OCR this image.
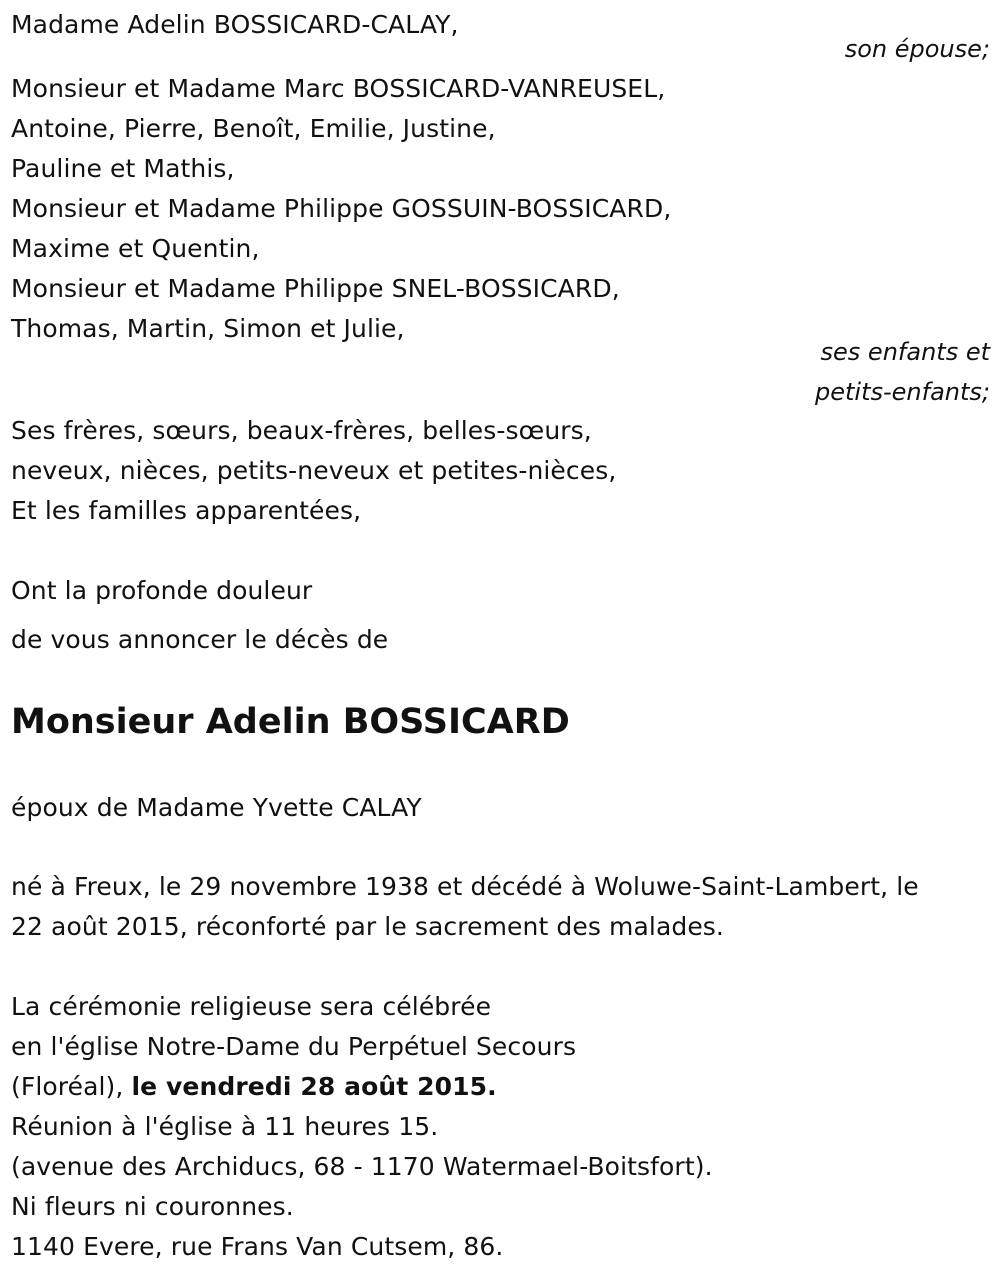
Madame Adelin BOSSICARD-CALAY,
son épouse;
Monsieur et Madame Marc BOSSICARD-VANREUSEL,
Antoine, Pierre, Benoît, Emilie, Justine,
Pauline et Mathis,
Monsieur et Madame Philippe GOSSUIN-BOSSICARD,
Maxime et Quentin,
Monsieur et Madame Philippe SNEL-BOSSICARD,
Thomas, Martin, Simon et Julie,
ses enfants et
petits-enfants;
Ses frères, sœurs, beaux-frères, belles-sœurs,
neveux, nièces, petits-neveux et petites-nièces,
Et les familles apparentées,
Ont la profonde douleur
de vous annoncer le décès de
Monsieur Adelin BOSSICARD
époux de Madame Yvette CALAY
né à Freux, le 29 novembre 1938 et décédé à Woluwe-Saint-Lambert, le
22 août 2015, réconforté par le sacrement des malades.
La cérémonie religieuse sera célébrée
en l'église Notre-Dame du Perpétuel Secours
(Floréal), le vendredi 28 août 2015.
Réunion à l'église à 11 heures 15.
(avenue des Archiducs, 68 - 1170 Watermael-Boitsfort).
Ni fleurs ni couronnes.
1140 Evere, rue Frans Van Cutsem, 86.
